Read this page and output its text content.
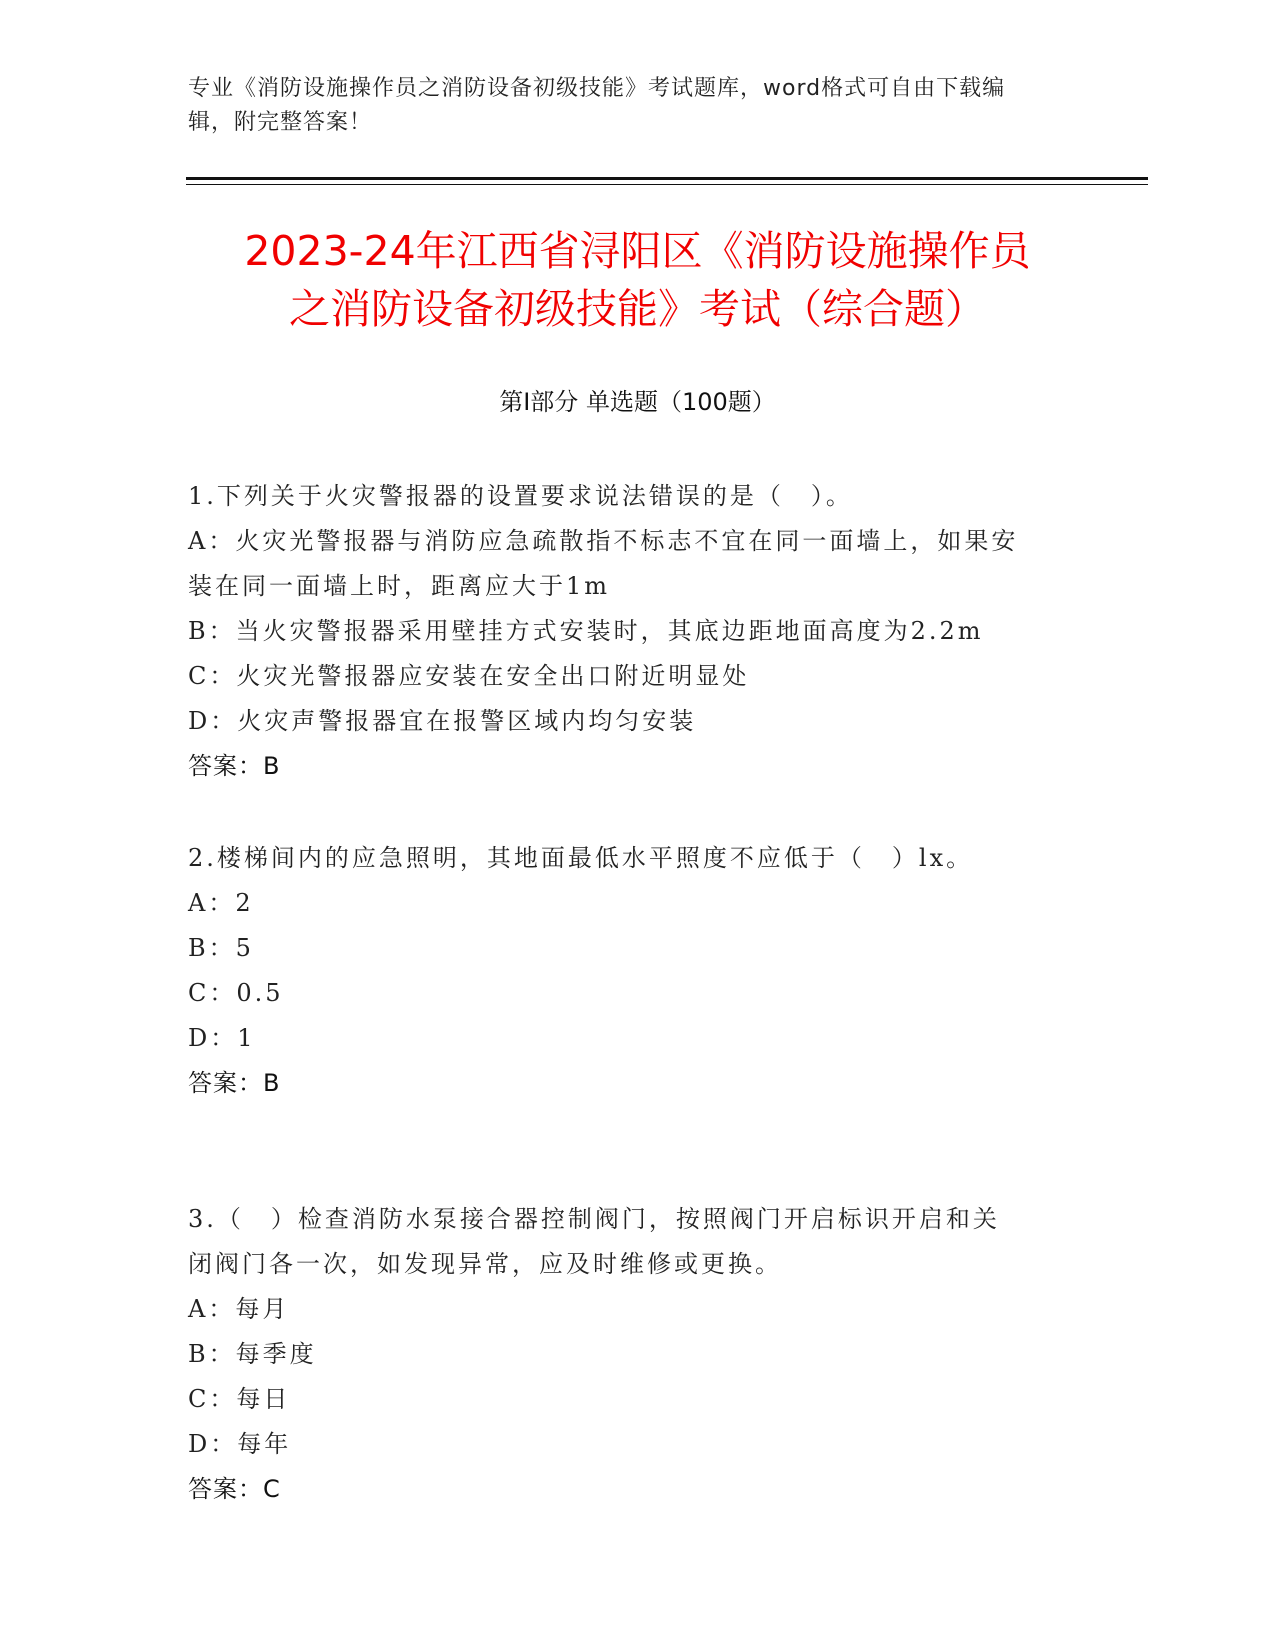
专业《消防设施操作员之消防设备初级技能》考试题库，word格式可自由下载编
辑，附完整答案！
2023-24年江西省浔阳区《消防设施操作员
之消防设备初级技能》考试（综合题）
第Ⅰ部分 单选题（100题）
1.下列关于火灾警报器的设置要求说法错误的是（　）。
A：火灾光警报器与消防应急疏散指不标志不宜在同一面墙上，如果安
装在同一面墙上时，距离应大于1m
B：当火灾警报器采用壁挂方式安装时，其底边距地面高度为2.2m
C：火灾光警报器应安装在安全出口附近明显处
D：火灾声警报器宜在报警区域内均匀安装
答案：B
2.楼梯间内的应急照明，其地面最低水平照度不应低于（　）lx。
A：2
B：5
C：0.5
D：1
答案：B
3.（　）检查消防水泵接合器控制阀门，按照阀门开启标识开启和关
闭阀门各一次，如发现异常，应及时维修或更换。
A：每月
B：每季度
C：每日
D：每年
答案：C
